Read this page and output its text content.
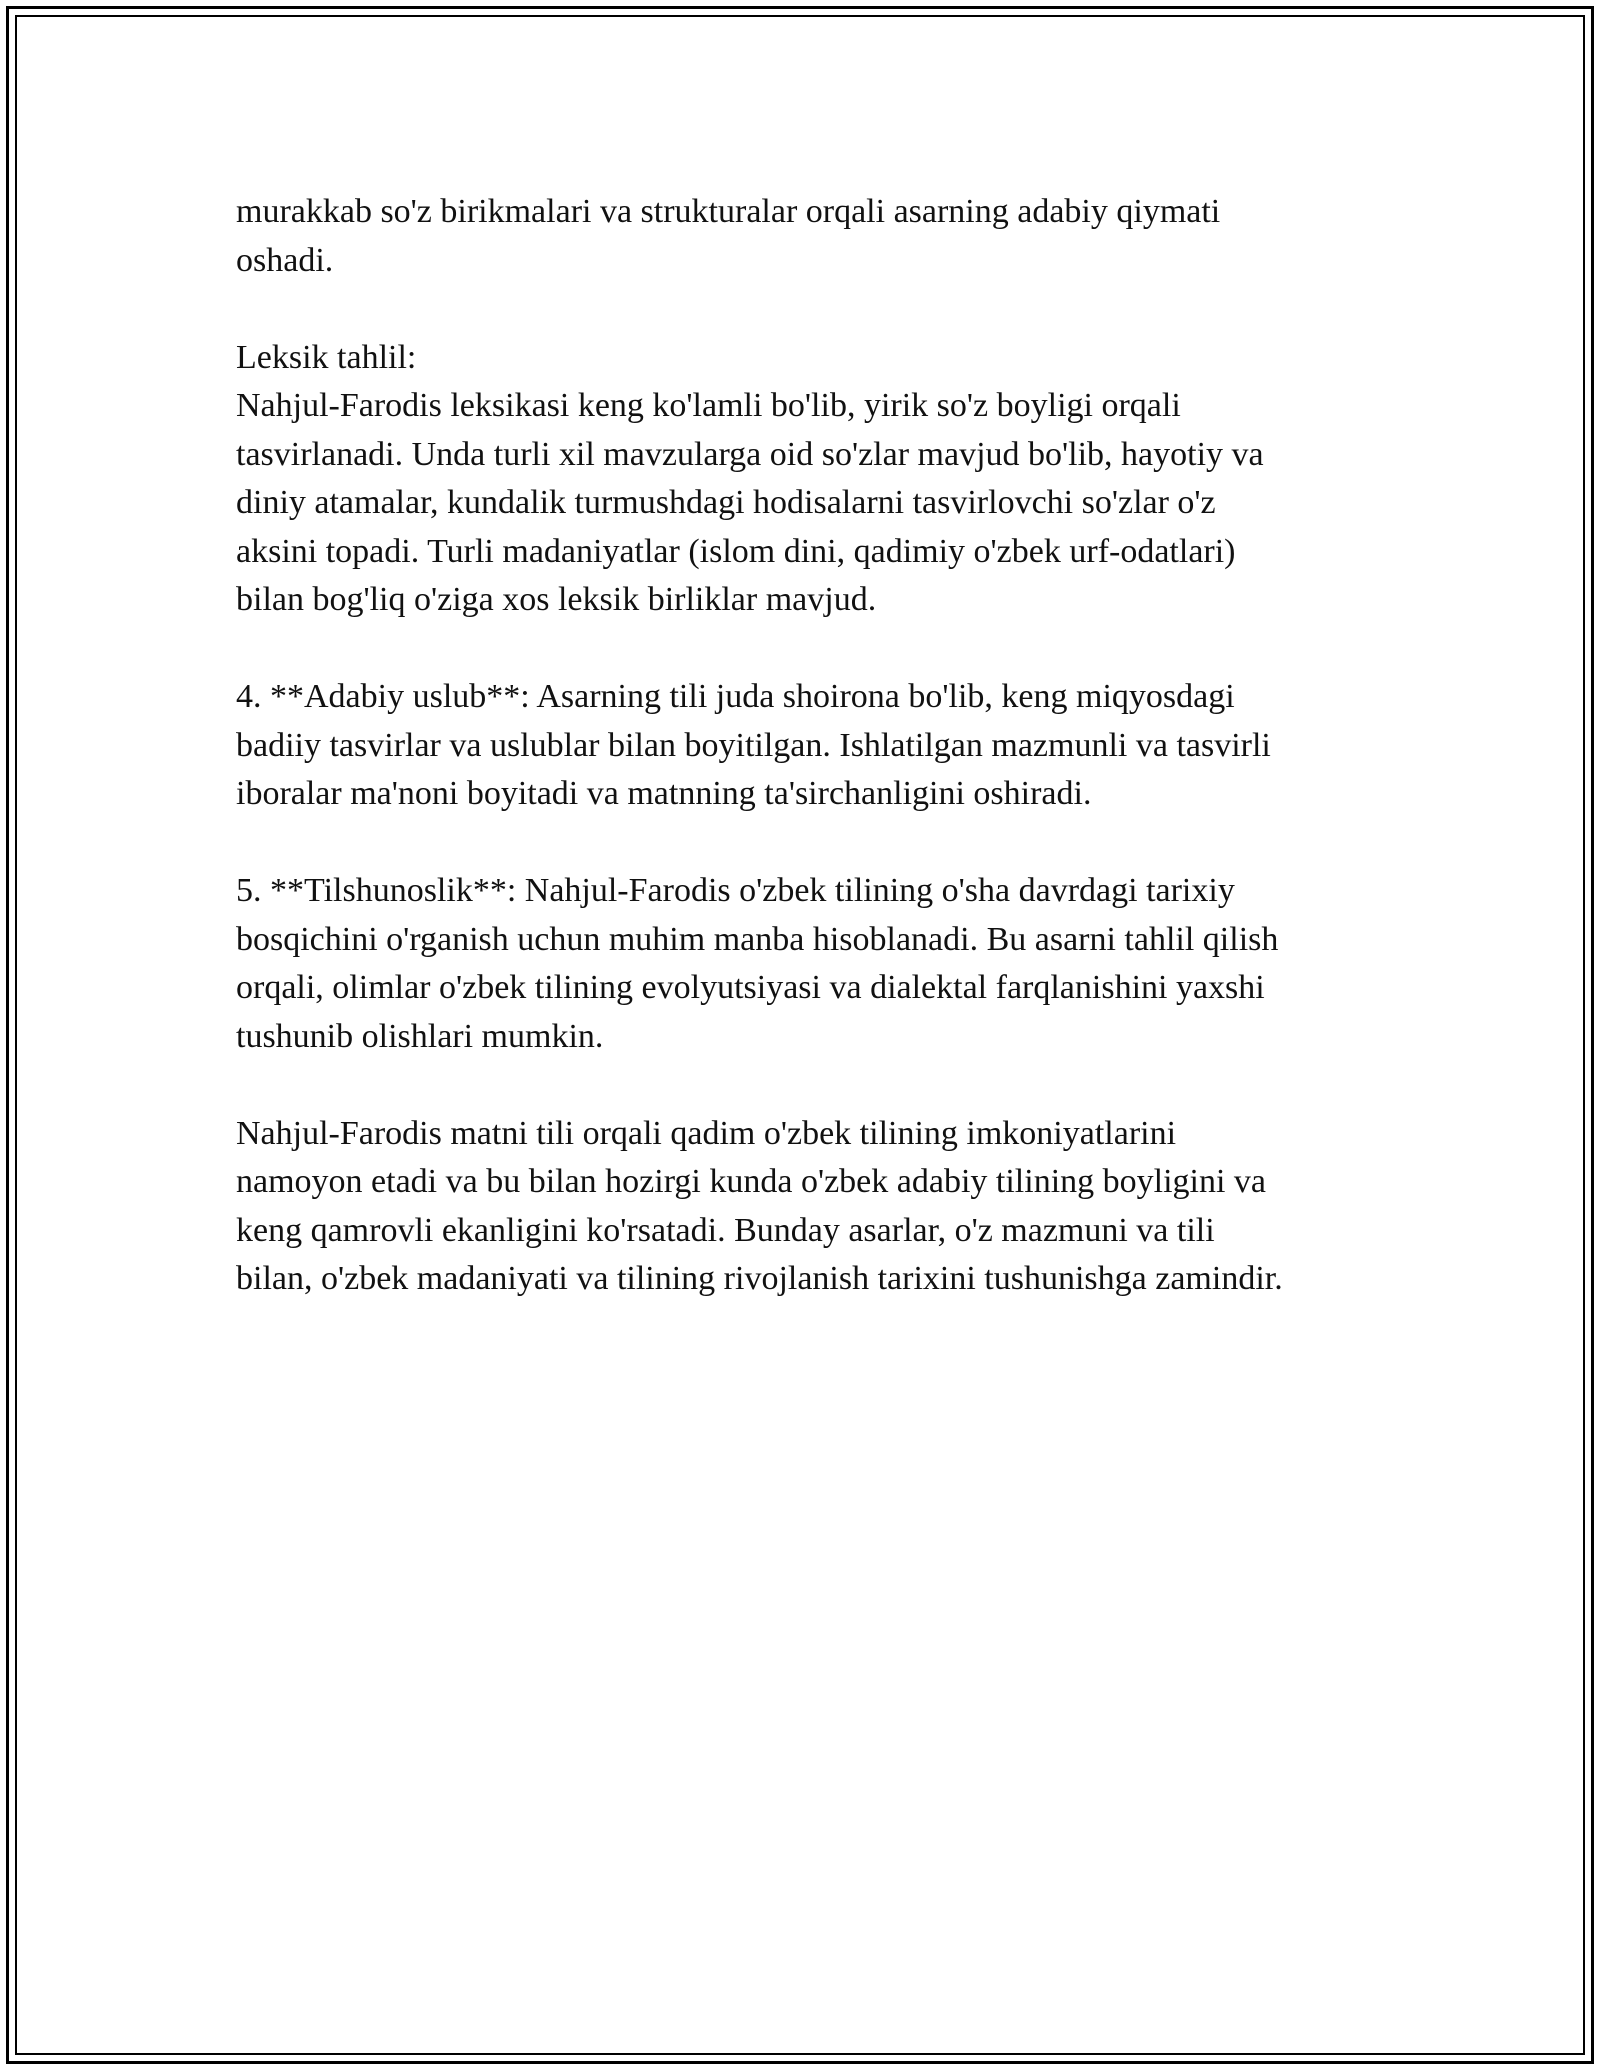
murakkab so'z birikmalari va strukturalar orqali asarning adabiy qiymati
oshadi.

Leksik tahlil:
Nahjul-Farodis leksikasi keng ko'lamli bo'lib, yirik so'z boyligi orqali
tasvirlanadi. Unda turli xil mavzularga oid so'zlar mavjud bo'lib, hayotiy va
diniy atamalar, kundalik turmushdagi hodisalarni tasvirlovchi so'zlar o'z
aksini topadi. Turli madaniyatlar (islom dini, qadimiy o'zbek urf-odatlari)
bilan bog'liq o'ziga xos leksik birliklar mavjud.

4. **Adabiy uslub**: Asarning tili juda shoirona bo'lib, keng miqyosdagi
badiiy tasvirlar va uslublar bilan boyitilgan. Ishlatilgan mazmunli va tasvirli
iboralar ma'noni boyitadi va matnning ta'sirchanligini oshiradi.

5. **Tilshunoslik**: Nahjul-Farodis o'zbek tilining o'sha davrdagi tarixiy
bosqichini o'rganish uchun muhim manba hisoblanadi. Bu asarni tahlil qilish
orqali, olimlar o'zbek tilining evolyutsiyasi va dialektal farqlanishini yaxshi
tushunib olishlari mumkin.

Nahjul-Farodis matni tili orqali qadim o'zbek tilining imkoniyatlarini
namoyon etadi va bu bilan hozirgi kunda o'zbek adabiy tilining boyligini va
keng qamrovli ekanligini ko'rsatadi. Bunday asarlar, o'z mazmuni va tili
bilan, o'zbek madaniyati va tilining rivojlanish tarixini tushunishga zamindir.
